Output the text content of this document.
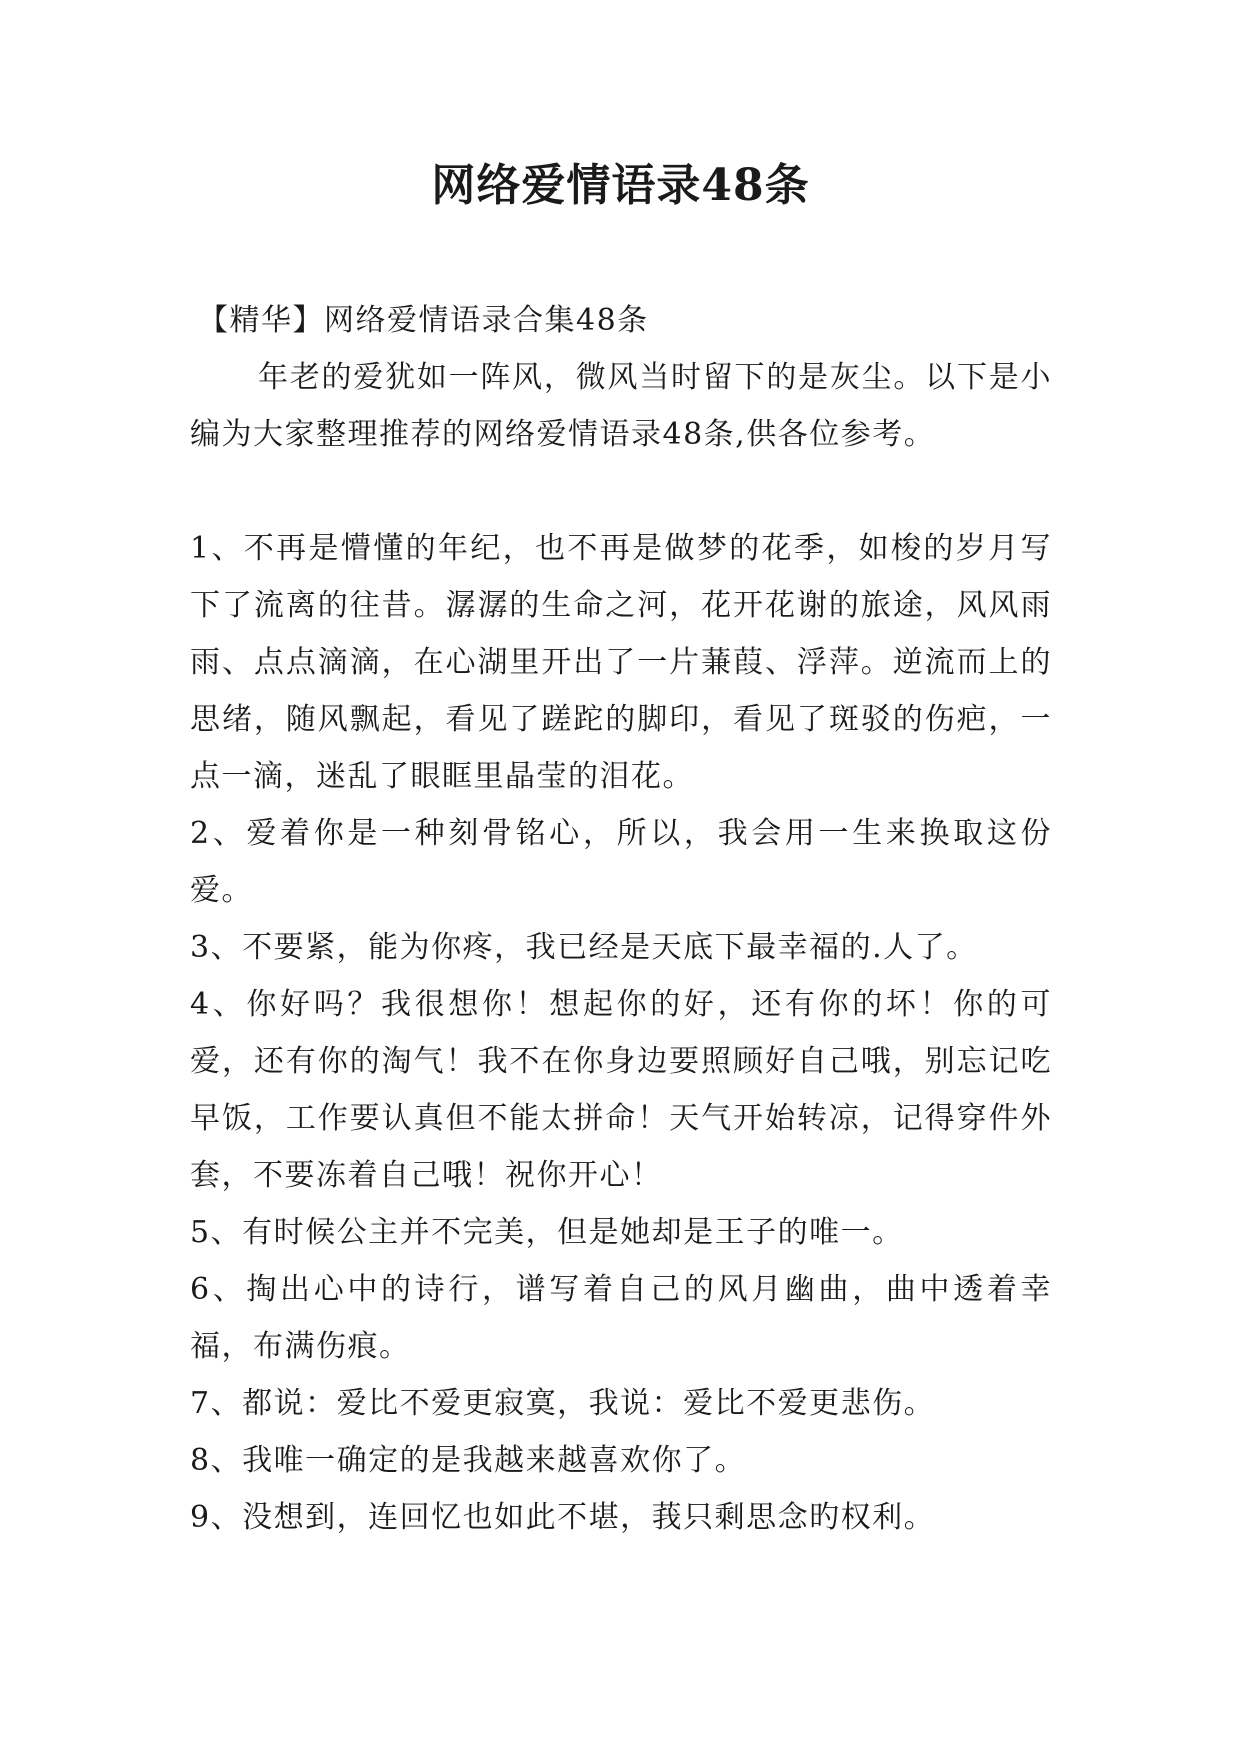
网络爱情语录48条

【精华】网络爱情语录合集48条

年老的爱犹如一阵风，微风当时留下的是灰尘。以下是小编为大家整理推荐的网络爱情语录48条,供各位参考。

1、不再是懵懂的年纪，也不再是做梦的花季，如梭的岁月写下了流离的往昔。潺潺的生命之河，花开花谢的旅途，风风雨雨、点点滴滴，在心湖里开出了一片蒹葭、浮萍。逆流而上的思绪，随风飘起，看见了蹉跎的脚印，看见了斑驳的伤疤，一点一滴，迷乱了眼眶里晶莹的泪花。

2、爱着你是一种刻骨铭心，所以，我会用一生来换取这份爱。

3、不要紧，能为你疼，我已经是天底下最幸福的.人了。

4、你好吗？我很想你！想起你的好，还有你的坏！你的可爱，还有你的淘气！我不在你身边要照顾好自己哦，别忘记吃早饭，工作要认真但不能太拼命！天气开始转凉，记得穿件外套，不要冻着自己哦！祝你开心！

5、有时候公主并不完美，但是她却是王子的唯一。

6、掏出心中的诗行，谱写着自己的风月幽曲，曲中透着幸福，布满伤痕。

7、都说：爱比不爱更寂寞，我说：爱比不爱更悲伤。

8、我唯一确定的是我越来越喜欢你了。

9、没想到，连回忆也如此不堪，莪只剩思念旳权利。
